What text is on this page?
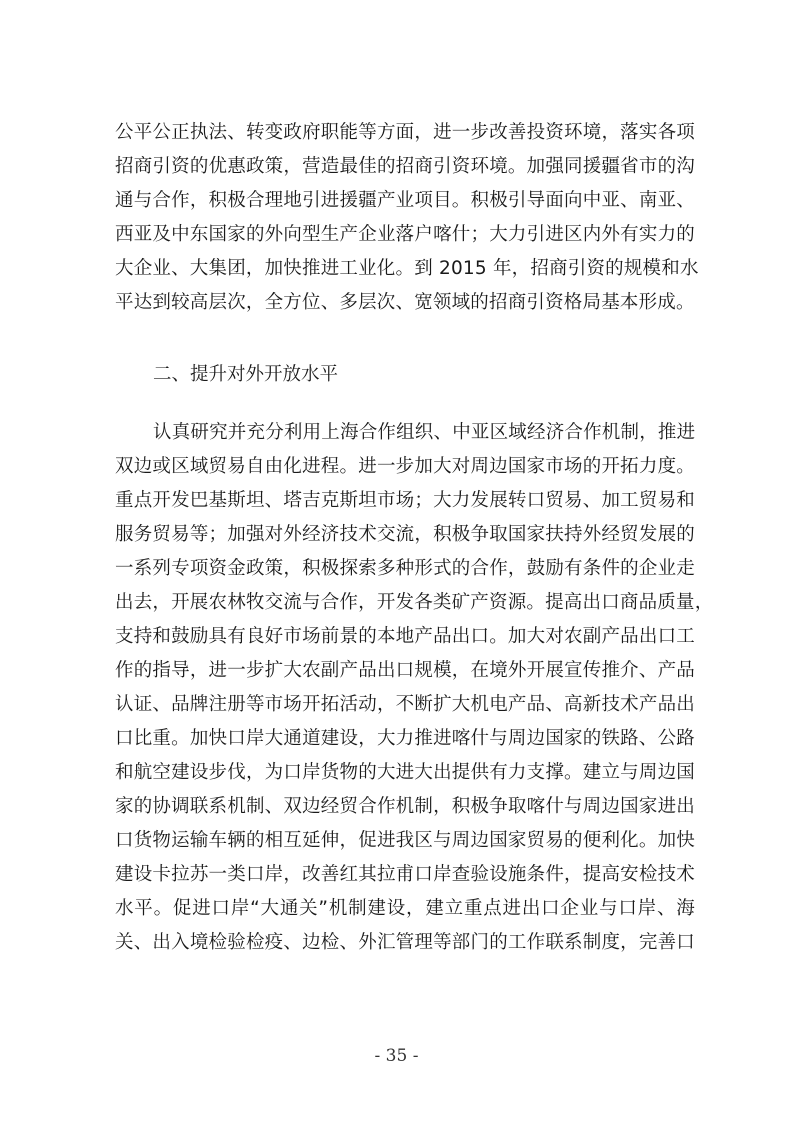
公平公正执法、转变政府职能等方面，进一步改善投资环境，落实各项
招商引资的优惠政策，营造最佳的招商引资环境。加强同援疆省市的沟
通与合作，积极合理地引进援疆产业项目。积极引导面向中亚、南亚、
西亚及中东国家的外向型生产企业落户喀什；大力引进区内外有实力的
大企业、大集团，加快推进工业化。到 2015 年，招商引资的规模和水
平达到较高层次，全方位、多层次、宽领域的招商引资格局基本形成。
二、提升对外开放水平
认真研究并充分利用上海合作组织、中亚区域经济合作机制，推进
双边或区域贸易自由化进程。进一步加大对周边国家市场的开拓力度。
重点开发巴基斯坦、塔吉克斯坦市场；大力发展转口贸易、加工贸易和
服务贸易等；加强对外经济技术交流，积极争取国家扶持外经贸发展的
一系列专项资金政策，积极探索多种形式的合作，鼓励有条件的企业走
出去，开展农林牧交流与合作，开发各类矿产资源。提高出口商品质量，
支持和鼓励具有良好市场前景的本地产品出口。加大对农副产品出口工
作的指导，进一步扩大农副产品出口规模，在境外开展宣传推介、产品
认证、品牌注册等市场开拓活动，不断扩大机电产品、高新技术产品出
口比重。加快口岸大通道建设，大力推进喀什与周边国家的铁路、公路
和航空建设步伐，为口岸货物的大进大出提供有力支撑。建立与周边国
家的协调联系机制、双边经贸合作机制，积极争取喀什与周边国家进出
口货物运输车辆的相互延伸，促进我区与周边国家贸易的便利化。加快
建设卡拉苏一类口岸，改善红其拉甫口岸查验设施条件，提高安检技术
水平。促进口岸“大通关”机制建设，建立重点进出口企业与口岸、海
关、出入境检验检疫、边检、外汇管理等部门的工作联系制度，完善口
- 35 -
